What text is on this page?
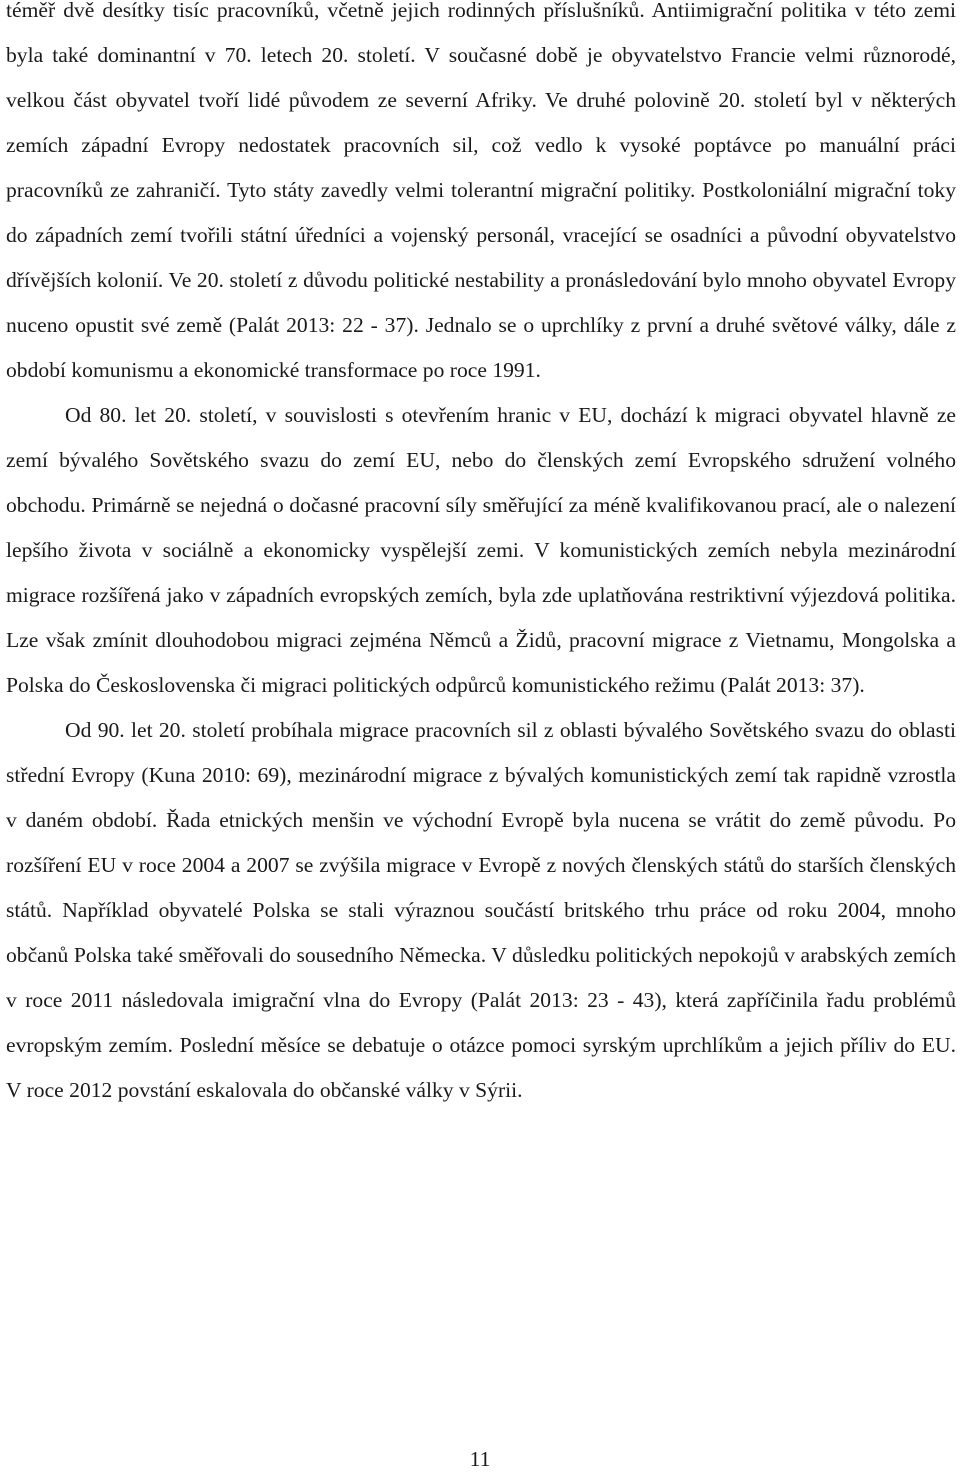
téměř dvě desítky tisíc pracovníků, včetně jejich rodinných příslušníků. Antiimigrační politika v této zemi byla také dominantní v 70. letech 20. století. V současné době je obyvatelstvo Francie velmi různorodé, velkou část obyvatel tvoří lidé původem ze severní Afriky. Ve druhé polovině 20. století byl v některých zemích západní Evropy nedostatek pracovních sil, což vedlo k vysoké poptávce po manuální práci pracovníků ze zahraničí. Tyto státy zavedly velmi tolerantní migrační politiky. Postkoloniální migrační toky do západních zemí tvořili státní úředníci a vojenský personál, vracející se osadníci a původní obyvatelstvo dřívějších kolonií. Ve 20. století z důvodu politické nestability a pronásledování bylo mnoho obyvatel Evropy nuceno opustit své země (Palát 2013: 22 - 37). Jednalo se o uprchlíky z první a druhé světové války, dále z období komunismu a ekonomické transformace po roce 1991.

Od 80. let 20. století, v souvislosti s otevřením hranic v EU, dochází k migraci obyvatel hlavně ze zemí bývalého Sovětského svazu do zemí EU, nebo do členských zemí Evropského sdružení volného obchodu. Primárně se nejedná o dočasné pracovní síly směřující za méně kvalifikovanou prací, ale o nalezení lepšího života v sociálně a ekonomicky vyspělejší zemi. V komunistických zemích nebyla mezinárodní migrace rozšířená jako v západních evropských zemích, byla zde uplatňována restriktivní výjezdová politika. Lze však zmínit dlouhodobou migraci zejména Němců a Židů, pracovní migrace z Vietnamu, Mongolska a Polska do Československa či migraci politických odpůrců komunistického režimu (Palát 2013: 37).

Od 90. let 20. století probíhala migrace pracovních sil z oblasti bývalého Sovětského svazu do oblasti střední Evropy (Kuna 2010: 69), mezinárodní migrace z bývalých komunistických zemí tak rapidně vzrostla v daném období. Řada etnických menšin ve východní Evropě byla nucena se vrátit do země původu. Po rozšíření EU v roce 2004 a 2007 se zvýšila migrace v Evropě z nových členských států do starších členských států. Například obyvatelé Polska se stali výraznou součástí britského trhu práce od roku 2004, mnoho občanů Polska také směřovali do sousedního Německa. V důsledku politických nepokojů v arabských zemích v roce 2011 následovala imigrační vlna do Evropy (Palát 2013: 23 - 43), která zapříčinila řadu problémů evropským zemím. Poslední měsíce se debatuje o otázce pomoci syrským uprchlíkům a jejich příliv do EU. V roce 2012 povstání eskalovala do občanské války v Sýrii.

11
